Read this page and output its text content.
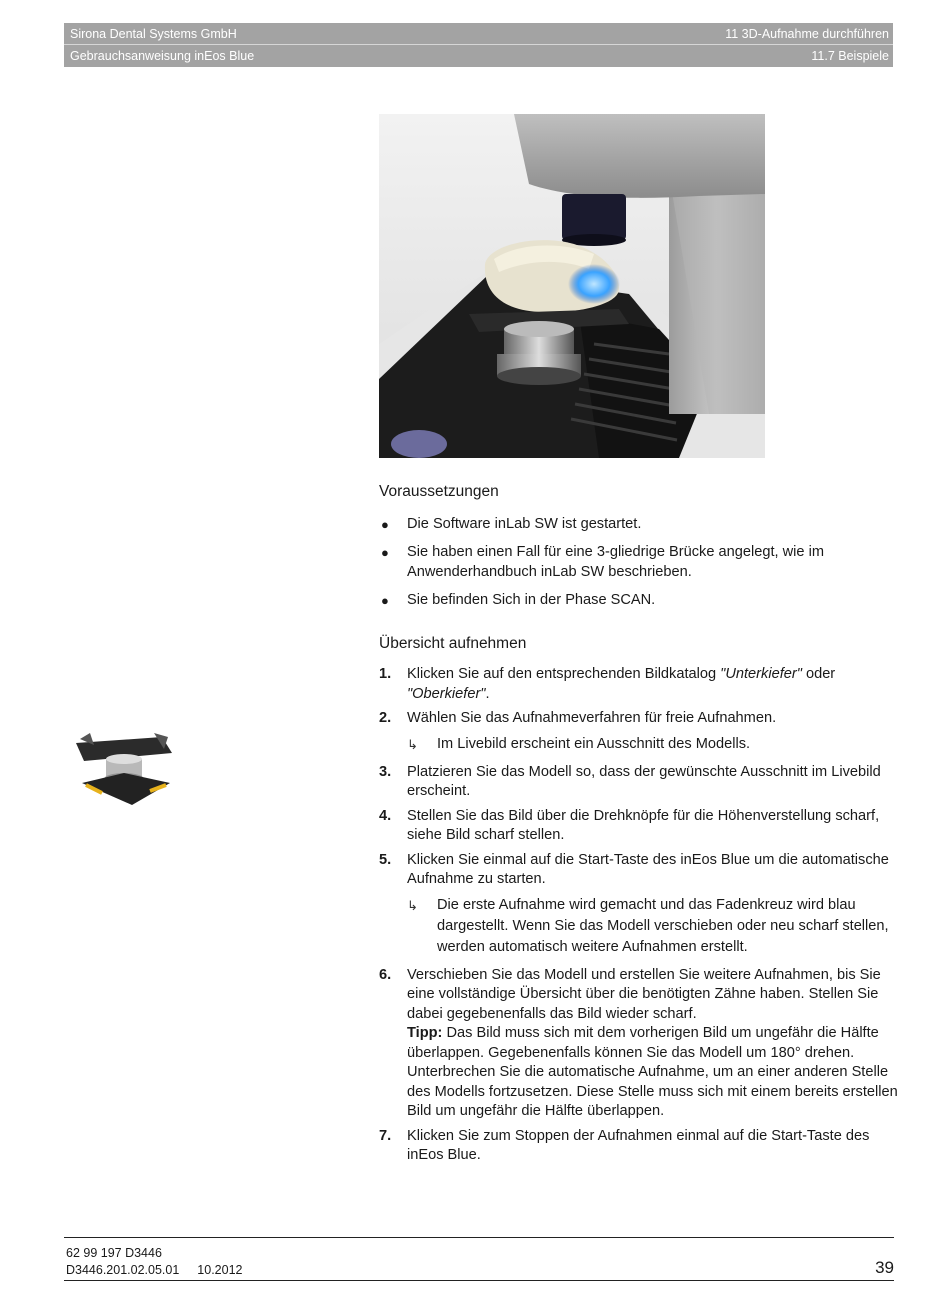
Sirona Dental Systems GmbH	11 3D-Aufnahme durchführen
Gebrauchsanweisung inEos Blue	11.7 Beispiele
Voraussetzungen
● Die Software inLab SW ist gestartet.
● Sie haben einen Fall für eine 3-gliedrige Brücke angelegt, wie im Anwenderhandbuch inLab SW beschrieben.
● Sie befinden Sich in der Phase SCAN.
Übersicht aufnehmen
1. Klicken Sie auf den entsprechenden Bildkatalog "Unterkiefer" oder "Oberkiefer".
2. Wählen Sie das Aufnahmeverfahren für freie Aufnahmen.
↳ Im Livebild erscheint ein Ausschnitt des Modells.
3. Platzieren Sie das Modell so, dass der gewünschte Ausschnitt im Livebild erscheint.
4. Stellen Sie das Bild über die Drehknöpfe für die Höhenverstellung scharf, siehe Bild scharf stellen.
5. Klicken Sie einmal auf die Start-Taste des inEos Blue um die automatische Aufnahme zu starten.
↳ Die erste Aufnahme wird gemacht und das Fadenkreuz wird blau dargestellt. Wenn Sie das Modell verschieben oder neu scharf stellen, werden automatisch weitere Aufnahmen erstellt.
6. Verschieben Sie das Modell und erstellen Sie weitere Aufnahmen, bis Sie eine vollständige Übersicht über die benötigten Zähne haben. Stellen Sie dabei gegebenenfalls das Bild wieder scharf.
Tipp: Das Bild muss sich mit dem vorherigen Bild um ungefähr die Hälfte überlappen. Gegebenenfalls können Sie das Modell um 180° drehen.
Unterbrechen Sie die automatische Aufnahme, um an einer anderen Stelle des Modells fortzusetzen. Diese Stelle muss sich mit einem bereits erstellen Bild um ungefähr die Hälfte überlappen.
7. Klicken Sie zum Stoppen der Aufnahmen einmal auf die Start-Taste des inEos Blue.
62 99 197 D3446
D3446.201.02.05.01 10.2012	39
